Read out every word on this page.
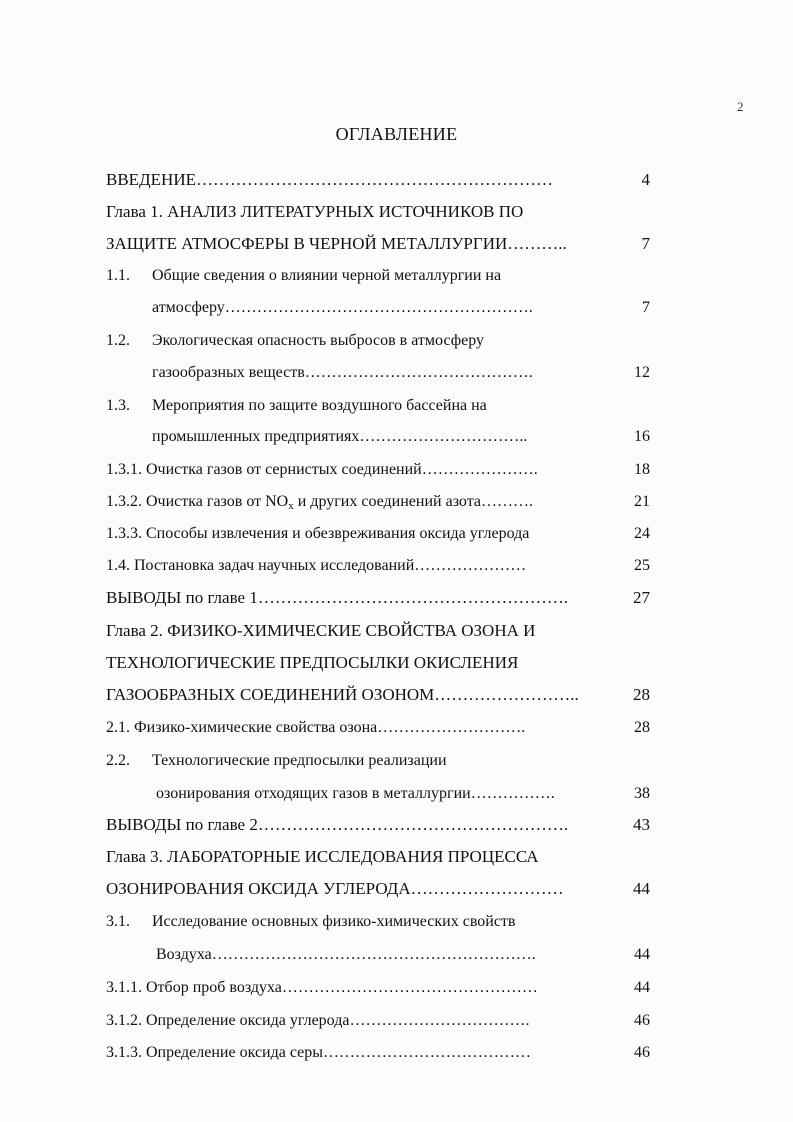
2
ОГЛАВЛЕНИЕ
ВВЕДЕНИЕ………………………………………………………	4
Глава 1. АНАЛИЗ ЛИТЕРАТУРНЫХ ИСТОЧНИКОВ ПО
ЗАЩИТЕ АТМОСФЕРЫ В ЧЕРНОЙ МЕТАЛЛУРГИИ………..	7
1.1. Общие сведения о влиянии черной металлургии на
атмосферу………………………………………………….	7
1.2. Экологическая опасность выбросов в атмосферу
газообразных веществ…………………………………….	12
1.3. Мероприятия по защите воздушного бассейна на
промышленных предприятиях…………………………..	16
1.3.1. Очистка газов от сернистых соединений………………….	18
1.3.2. Очистка газов от NOx и других соединений азота……….	21
1.3.3. Способы извлечения и обезвреживания оксида углерода	24
1.4. Постановка задач научных исследований…………………	25
ВЫВОДЫ по главе 1……………………………………………….	27
Глава 2. ФИЗИКО-ХИМИЧЕСКИЕ СВОЙСТВА ОЗОНА И
ТЕХНОЛОГИЧЕСКИЕ ПРЕДПОСЫЛКИ ОКИСЛЕНИЯ
ГАЗООБРАЗНЫХ СОЕДИНЕНИЙ ОЗОНОМ……………………..	28
2.1. Физико-химические свойства озона……………………….	28
2.2. Технологические предпосылки реализации
озонирования отходящих газов в металлургии…………….	38
ВЫВОДЫ по главе 2……………………………………………….	43
Глава 3. ЛАБОРАТОРНЫЕ ИССЛЕДОВАНИЯ ПРОЦЕССА
ОЗОНИРОВАНИЯ ОКСИДА УГЛЕРОДА………………………	44
3.1. Исследование основных физико-химических свойств
Воздуха…………………………………………………….	44
3.1.1. Отбор проб воздуха…………………………………………	44
3.1.2. Определение оксида углерода…………………………….	46
3.1.3. Определение оксида серы…………………………………	46
